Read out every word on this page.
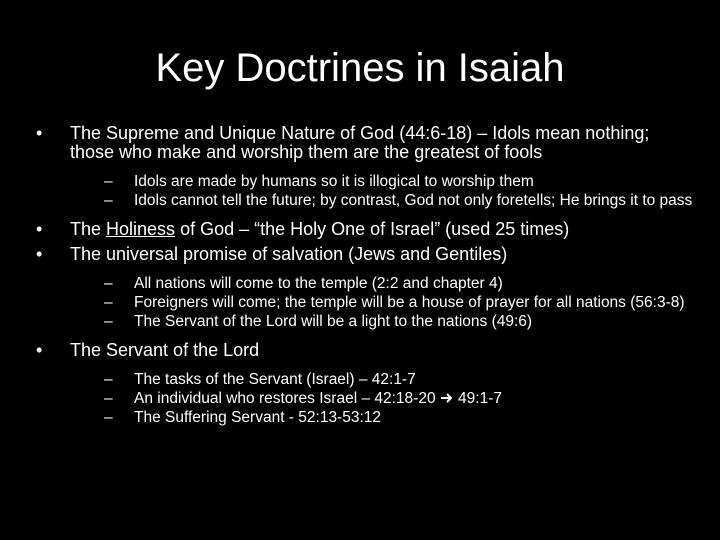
Key Doctrines in Isaiah
•	The Supreme and Unique Nature of God (44:6-18) – Idols mean nothing; those who make and worship them are the greatest of fools
– Idols are made by humans so it is illogical to worship them
– Idols cannot tell the future; by contrast, God not only foretells; He brings it to pass
•	The Holiness of God – “the Holy One of Israel” (used 25 times)
•	The universal promise of salvation (Jews and Gentiles)
– All nations will come to the temple (2:2 and chapter 4)
– Foreigners will come; the temple will be a house of prayer for all nations (56:3-8)
– The Servant of the Lord will be a light to the nations (49:6)
•	The Servant of the Lord
– The tasks of the Servant (Israel) – 42:1-7
– An individual who restores Israel – 42:18-20 49:1-7
– The Suffering Servant - 52:13-53:12
